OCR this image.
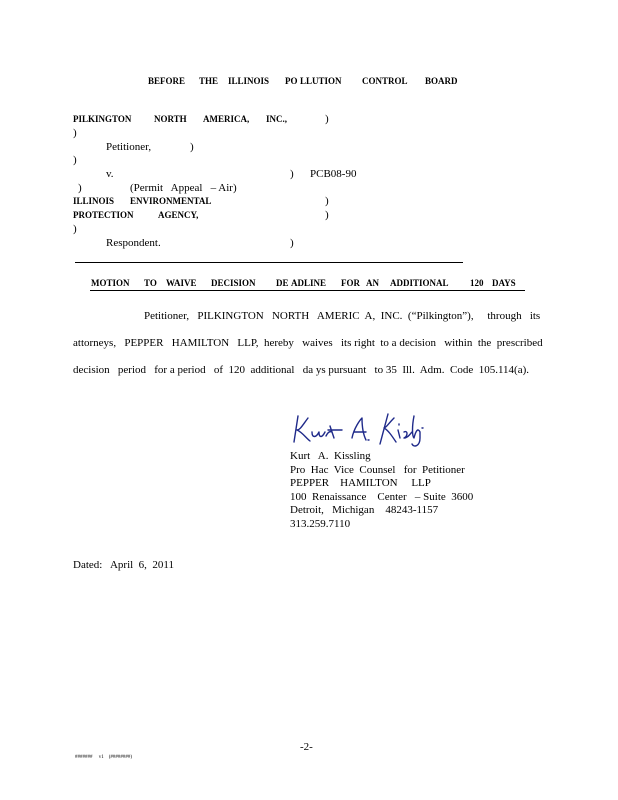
BEFORE THE ILLINOIS PO LLUTION CONTROL BOARD
PILKINGTON	NORTH AMERICA, INC.,	)
)
Petitioner,	)
)
v.	) PCB08-90
)	(Permit   Appeal   – Air)
ILLINOIS ENVIRONMENTAL
PROTECTION	AGENCY,
)
)
)
Respondent.	)
MOTION TO WAIVE DECISION DE ADLINE FOR AN ADDITIONAL 120 DAYS
Petitioner,   PILKINGTON   NORTH   AMERIC  A,  INC.  (“Pilkington”),     through   its
attorneys,   PEPPER   HAMILTON   LLP,  hereby   waives   its right  to a decision   within  the  prescribed
decision   period   for a period   of  120  additional   da ys pursuant   to 35  Ill.  Adm.  Code  105.114(a).
Kurt   A.  Kissling
Pro  Hac  Vice  Counsel   for  Petitioner
PEPPER    HAMILTON     LLP
100  Renaissance    Center   – Suite  3600
Detroit,   Michigan    48243-1157
313.259.7110
Dated:   April  6,  2011
-2-
#######     v1    (########)
